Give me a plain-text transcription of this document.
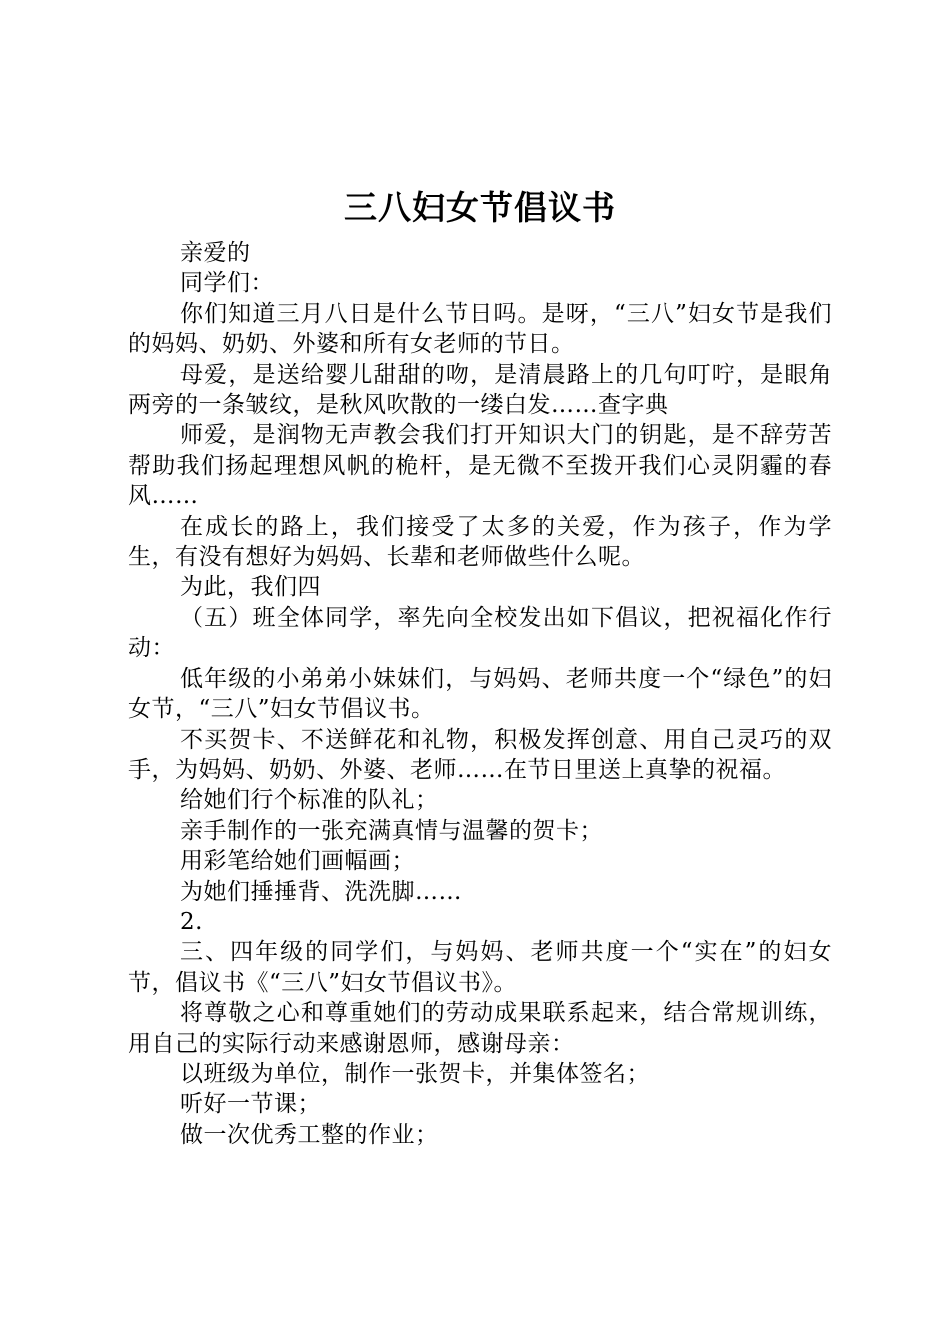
三八妇女节倡议书

亲爱的

同学们：

你们知道三月八日是什么节日吗。是呀，“三八”妇女节是我们的妈妈、奶奶、外婆和所有女老师的节日。

母爱，是送给婴儿甜甜的吻，是清晨路上的几句叮咛，是眼角两旁的一条皱纹，是秋风吹散的一缕白发……查字典

师爱，是润物无声教会我们打开知识大门的钥匙，是不辞劳苦帮助我们扬起理想风帆的桅杆，是无微不至拨开我们心灵阴霾的春风……

在成长的路上，我们接受了太多的关爱，作为孩子，作为学生，有没有想好为妈妈、长辈和老师做些什么呢。

为此，我们四

（五）班全体同学，率先向全校发出如下倡议，把祝福化作行动：

低年级的小弟弟小妹妹们，与妈妈、老师共度一个“绿色”的妇女节，“三八”妇女节倡议书。

不买贺卡、不送鲜花和礼物，积极发挥创意、用自己灵巧的双手，为妈妈、奶奶、外婆、老师……在节日里送上真挚的祝福。

给她们行个标准的队礼；

亲手制作的一张充满真情与温馨的贺卡；

用彩笔给她们画幅画；

为她们捶捶背、洗洗脚……

2.

三、四年级的同学们，与妈妈、老师共度一个“实在”的妇女节，倡议书《“三八”妇女节倡议书》。

将尊敬之心和尊重她们的劳动成果联系起来，结合常规训练，用自己的实际行动来感谢恩师，感谢母亲：

以班级为单位，制作一张贺卡，并集体签名；

听好一节课；

做一次优秀工整的作业；
